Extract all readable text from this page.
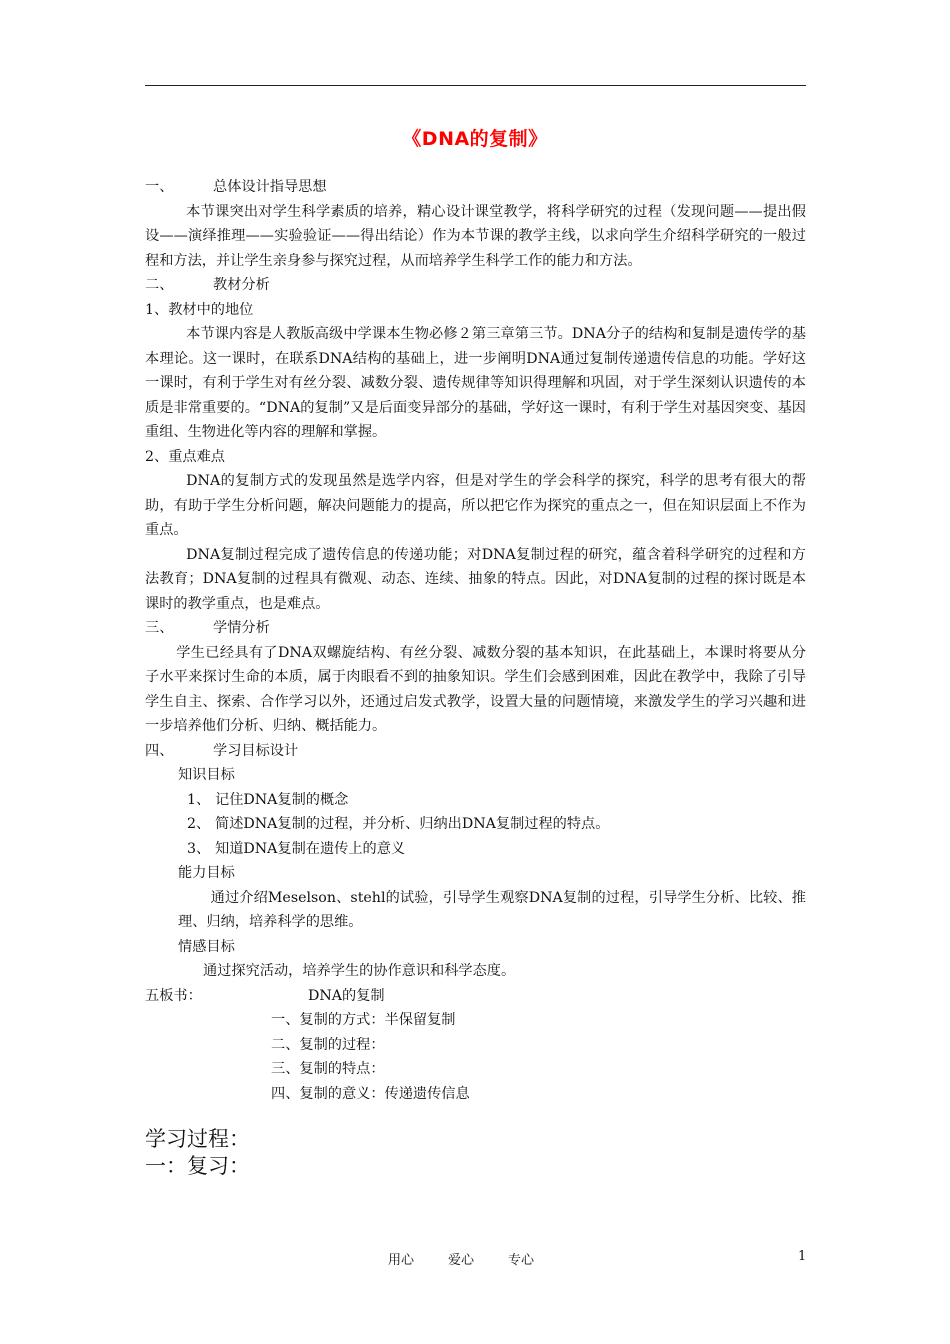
《DNA的复制》

一、	总体设计指导思想

本节课突出对学生科学素质的培养，精心设计课堂教学，将科学研究的过程（发现问题——提出假设——演绎推理——实验验证——得出结论）作为本节课的教学主线，以求向学生介绍科学研究的一般过程和方法，并让学生亲身参与探究过程，从而培养学生科学工作的能力和方法。

二、	教材分析

1、教材中的地位

本节课内容是人教版高级中学课本生物必修２第三章第三节。DNA分子的结构和复制是遗传学的基本理论。这一课时，在联系DNA结构的基础上，进一步阐明DNA通过复制传递遗传信息的功能。学好这一课时，有利于学生对有丝分裂、减数分裂、遗传规律等知识得理解和巩固，对于学生深刻认识遗传的本质是非常重要的。“DNA的复制”又是后面变异部分的基础，学好这一课时，有利于学生对基因突变、基因重组、生物进化等内容的理解和掌握。

2、重点难点

DNA的复制方式的发现虽然是选学内容，但是对学生的学会科学的探究，科学的思考有很大的帮助，有助于学生分析问题，解决问题能力的提高，所以把它作为探究的重点之一，但在知识层面上不作为重点。

DNA复制过程完成了遗传信息的传递功能；对DNA复制过程的研究，蕴含着科学研究的过程和方法教育；DNA复制的过程具有微观、动态、连续、抽象的特点。因此，对DNA复制的过程的探讨既是本课时的教学重点，也是难点。

三、	学情分析

学生已经具有了DNA双螺旋结构、有丝分裂、减数分裂的基本知识，在此基础上，本课时将要从分子水平来探讨生命的本质，属于肉眼看不到的抽象知识。学生们会感到困难，因此在教学中，我除了引导学生自主、探索、合作学习以外，还通过启发式教学，设置大量的问题情境，来激发学生的学习兴趣和进一步培养他们分析、归纳、概括能力。

四、	学习目标设计

知识目标

1、 记住DNA复制的概念

2、 简述DNA复制的过程，并分析、归纳出DNA复制过程的特点。

3、 知道DNA复制在遗传上的意义

能力目标

通过介绍Meselson、stehl的试验，引导学生观察DNA复制的过程，引导学生分析、比较、推理、归纳，培养科学的思维。

情感目标

通过探究活动，培养学生的协作意识和科学态度。

五板书：	DNA的复制

一、复制的方式：半保留复制

二、复制的过程：

三、复制的特点：

四、复制的意义：传递遗传信息

学习过程：

一：复习：

用心	爱心	专心	1
